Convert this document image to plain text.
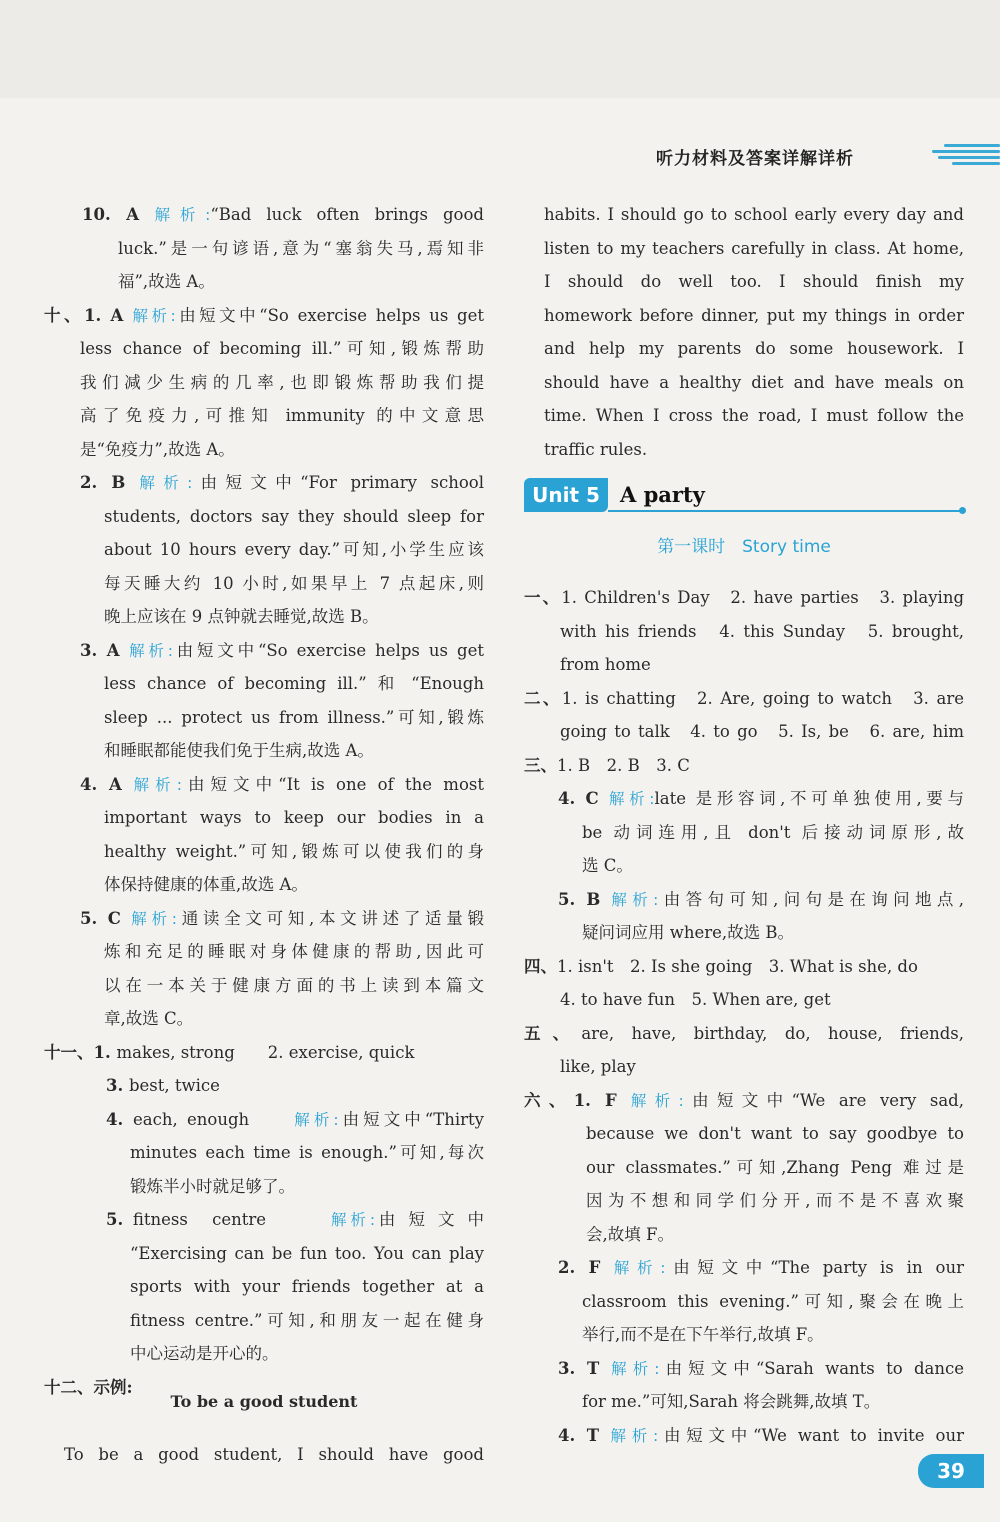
听力材料及答案详解详析
10. A 解析:“Bad luck often brings good
luck.”是一句谚语,意为“塞翁失马,焉知非
福”,故选 A。
十、1. A 解析:由短文中“So exercise helps us get
less chance of becoming ill.”可知,锻炼帮助
我们减少生病的几率,也即锻炼帮助我们提
高了免疫力,可推知 immunity 的中文意思
是“免疫力”,故选 A。
2. B 解析:由短文中“For primary school
students, doctors say they should sleep for
about 10 hours every day.”可知,小学生应该
每天睡大约 10 小时,如果早上 7 点起床,则
晚上应该在 9 点钟就去睡觉,故选 B。
3. A 解析:由短文中“So exercise helps us get
less chance of becoming ill.” 和 “Enough
sleep ... protect us from illness.”可知,锻炼
和睡眠都能使我们免于生病,故选 A。
4. A 解析:由短文中“It is one of the most
important ways to keep our bodies in a
healthy weight.”可知,锻炼可以使我们的身
体保持健康的体重,故选 A。
5. C 解析:通读全文可知,本文讲述了适量锻
炼和充足的睡眠对身体健康的帮助,因此可
以在一本关于健康方面的书上读到本篇文
章,故选 C。
十一、1. makes, strong　　2. exercise, quick
3. best, twice
4. each, enough　　解析:由短文中“Thirty
minutes each time is enough.”可知,每次
锻炼半小时就足够了。
5. fitness　centre　　　解析:由 短 文 中
“Exercising can be fun too. You can play
sports with your friends together at a
fitness centre.”可知,和朋友一起在健身
中心运动是开心的。
十二、示例:
To be a good student, I should have good
habits. I should go to school early every day and
listen to my teachers carefully in class. At home,
I should do well too. I should finish my
homework before dinner, put my things in order
and help my parents do some housework. I
should have a healthy diet and have meals on
time. When I cross the road, I must follow the
traffic rules.
一、1. Children's Day　2. have parties　3. playing
with his friends　4. this Sunday　5. brought,
from home
二、1. is chatting　2. Are, going to watch　3. are
going to talk　4. to go　5. Is, be　6. are, him
三、1. B　2. B　3. C
4. C 解析:late 是形容词,不可单独使用,要与
be 动词连用,且 don't 后接动词原形,故
选 C。
5. B 解析:由答句可知,问句是在询问地点,
疑问词应用 where,故选 B。
四、1. isn't　2. Is she going　3. What is she, do
4. to have fun　5. When are, get
五、are, have, birthday, do, house, friends,
like, play
六、1. F 解析:由短文中“We are very sad,
because we don't want to say goodbye to
our classmates.”可知,Zhang Peng 难过是
因为不想和同学们分开,而不是不喜欢聚
会,故填 F。
2. F 解析:由短文中“The party is in our
classroom this evening.”可知,聚会在晚上
举行,而不是在下午举行,故填 F。
3. T 解析:由短文中“Sarah wants to dance
for me.”可知,Sarah 将会跳舞,故填 T。
4. T 解析:由短文中“We want to invite our
To be a good student
Unit 5 A party
第一课时　Story time
39
